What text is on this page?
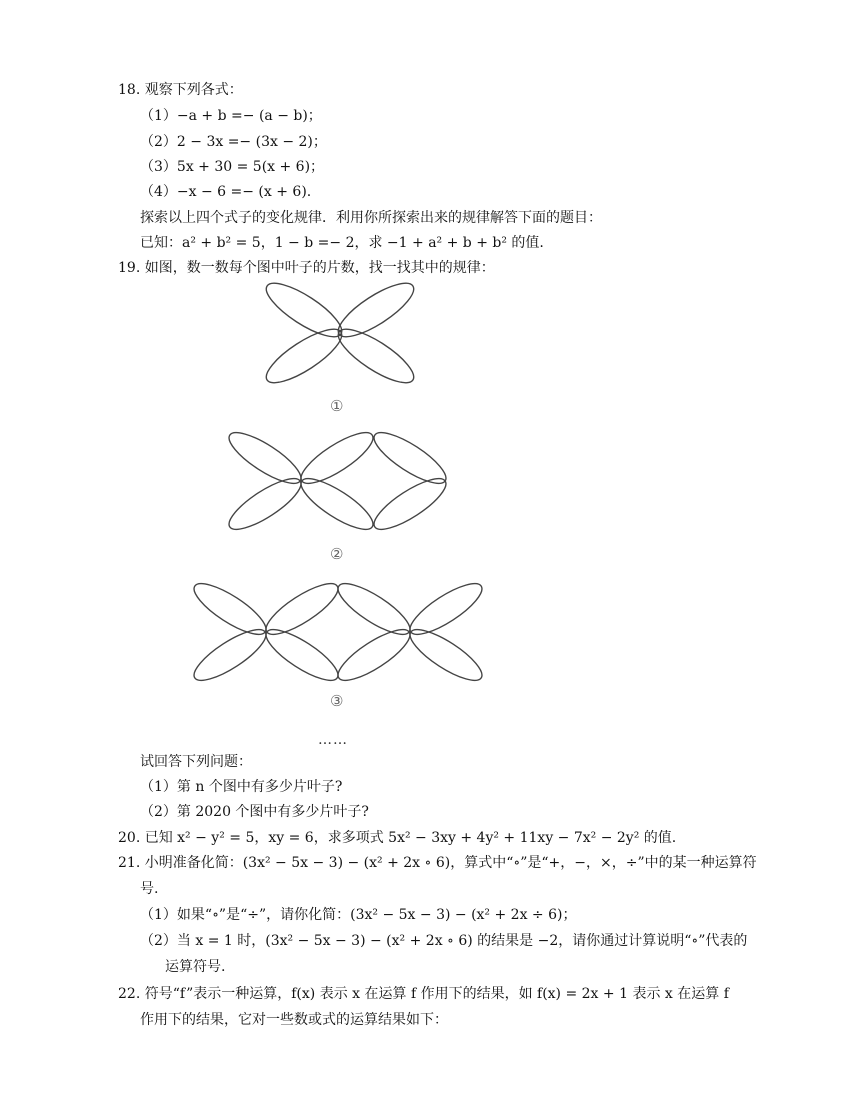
18. 观察下列各式：
（1）−a + b =− (a − b)；
（2）2 − 3x =− (3x − 2)；
（3）5x + 30 = 5(x + 6)；
（4）−x − 6 =− (x + 6).
探索以上四个式子的变化规律．利用你所探索出来的规律解答下面的题目：
已知：a² + b² = 5，1 − b =− 2，求 −1 + a² + b + b² 的值.
19. 如图，数一数每个图中叶子的片数，找一找其中的规律：
①
②
③
……
试回答下列问题：
（1）第 n 个图中有多少片叶子?
（2）第 2020 个图中有多少片叶子?
20. 已知 x² − y² = 5，xy = 6，求多项式 5x² − 3xy + 4y² + 11xy − 7x² − 2y² 的值.
21. 小明准备化简：(3x² − 5x − 3) − (x² + 2x ∘ 6)，算式中“∘”是“+，−，×，÷”中的某一种运算符
号.
（1）如果“∘”是“÷”，请你化简：(3x² − 5x − 3) − (x² + 2x ÷ 6)；
（2）当 x = 1 时，(3x² − 5x − 3) − (x² + 2x ∘ 6) 的结果是 −2，请你通过计算说明“∘”代表的
运算符号.
22. 符号“f”表示一种运算，f(x) 表示 x 在运算 f 作用下的结果，如 f(x) = 2x + 1 表示 x 在运算 f
作用下的结果，它对一些数或式的运算结果如下：
